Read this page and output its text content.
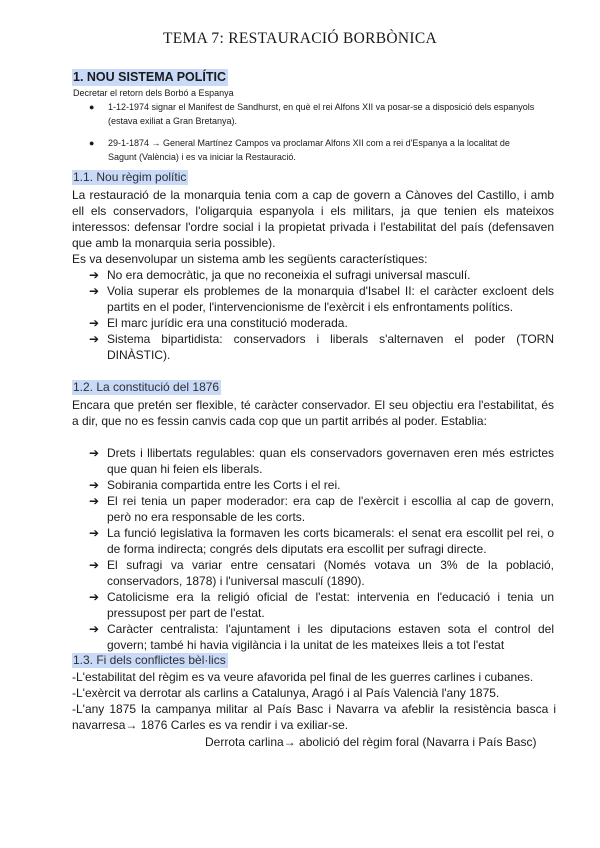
TEMA 7: RESTAURACIÓ BORBÒNICA
1. NOU SISTEMA POLÍTIC
Decretar el retorn dels Borbó a Espanya
● 1-12-1974 signar el Manifest de Sandhurst, en què el rei Alfons XII va posar-se a disposició dels espanyols (estava exiliat a Gran Bretanya).
● 29-1-1874 → General Martínez Campos va proclamar Alfons XII com a rei d'Espanya a la localitat de Sagunt (València) i es va iniciar la Restauració.
1.1. Nou règim polític
La restauració de la monarquia tenia com a cap de govern a Cànoves del Castillo, i amb ell els conservadors, l'oligarquia espanyola i els militars, ja que tenien els mateixos interessos: defensar l'ordre social i la propietat privada i l'estabilitat del país (defensaven que amb la monarquia seria possible).
Es va desenvolupar un sistema amb les següents característiques:
➔ No era democràtic, ja que no reconeixia el sufragi universal masculí.
➔ Volia superar els problemes de la monarquia d'Isabel II: el caràcter excloent dels partits en el poder, l'intervencionisme de l'exèrcit i els enfrontaments polítics.
➔ El marc jurídic era una constitució moderada.
➔ Sistema bipartidista: conservadors i liberals s'alternaven el poder (TORN DINÀSTIC).
1.2. La constitució del 1876
Encara que pretén ser flexible, té caràcter conservador. El seu objectiu era l'estabilitat, és a dir, que no es fessin canvis cada cop que un partit arribés al poder. Establia:
➔ Drets i llibertats regulables: quan els conservadors governaven eren més estrictes que quan hi feien els liberals.
➔ Sobirania compartida entre les Corts i el rei.
➔ El rei tenia un paper moderador: era cap de l'exèrcit i escollia al cap de govern, però no era responsable de les corts.
➔ La funció legislativa la formaven les corts bicamerals: el senat era escollit pel rei, o de forma indirecta; congrés dels diputats era escollit per sufragi directe.
➔ El sufragi va variar entre censatari (Només votava un 3% de la població, conservadors, 1878) i l'universal masculí (1890).
➔ Catolicisme era la religió oficial de l'estat: intervenia en l'educació i tenia un pressupost per part de l'estat.
➔ Caràcter centralista: l'ajuntament i les diputacions estaven sota el control del govern; també hi havia vigilància i la unitat de les mateixes lleis a tot l'estat
1.3. Fi dels conflictes bèl·lics
-L'estabilitat del règim es va veure afavorida pel final de les guerres carlines i cubanes.
-L'exèrcit va derrotar als carlins a Catalunya, Aragó i al País Valencià l'any 1875.
-L'any 1875 la campanya militar al País Basc i Navarra va afeblir la resistència basca i navarresa→ 1876 Carles es va rendir i va exiliar-se.
Derrota carlina→ abolició del règim foral (Navarra i País Basc)
